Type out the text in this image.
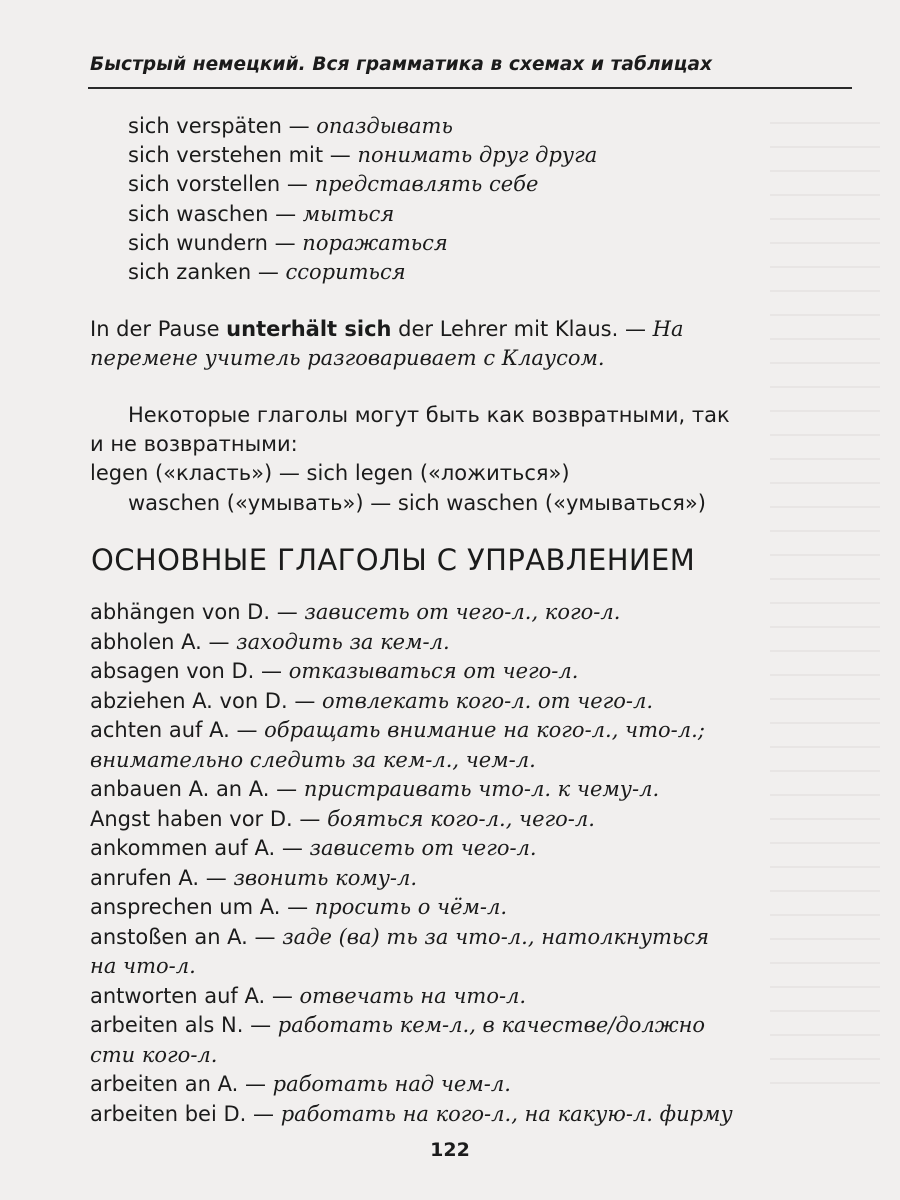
Быстрый немецкий. Вся грамматика в схемах и таблицах
sich verspäten — опаздывать
sich verstehen mit — понимать друг друга
sich vorstellen — представлять себе
sich waschen — мыться
sich wundern — поражаться
sich zanken — ссориться
In der Pause unterhält sich der Lehrer mit Klaus. — На
перемене учитель разговаривает с Клаусом.
Некоторые глаголы могут быть как возвратными, так
и не возвратными:
legen («класть») — sich legen («ложиться»)
waschen («умывать») — sich waschen («умываться»)
ОСНОВНЫЕ ГЛАГОЛЫ С УПРАВЛЕНИЕМ
abhängen von D. — зависеть от чего-л., кого-л.
abholen A. — заходить за кем-л.
absagen von D. — отказываться от чего-л.
abziehen A. von D. — отвлекать кого-л. от чего-л.
achten auf A. — обращать внимание на кого-л., что-л.;
внимательно следить за кем-л., чем-л.
anbauen A. an A. — пристраивать что-л. к чему-л.
Angst haben vor D. — бояться кого-л., чего-л.
ankommen auf A. — зависеть от чего-л.
anrufen A. — звонить кому-л.
ansprechen um A. — просить о чём-л.
anstoßen an A. — заде (ва) ть за что-л., натолкнуться
на что-л.
antworten auf A. — отвечать на что-л.
arbeiten als N. — работать кем-л., в качестве/должно
сти кого-л.
arbeiten an A. — работать над чем-л.
arbeiten bei D. — работать на кого-л., на какую-л. фирму
122
